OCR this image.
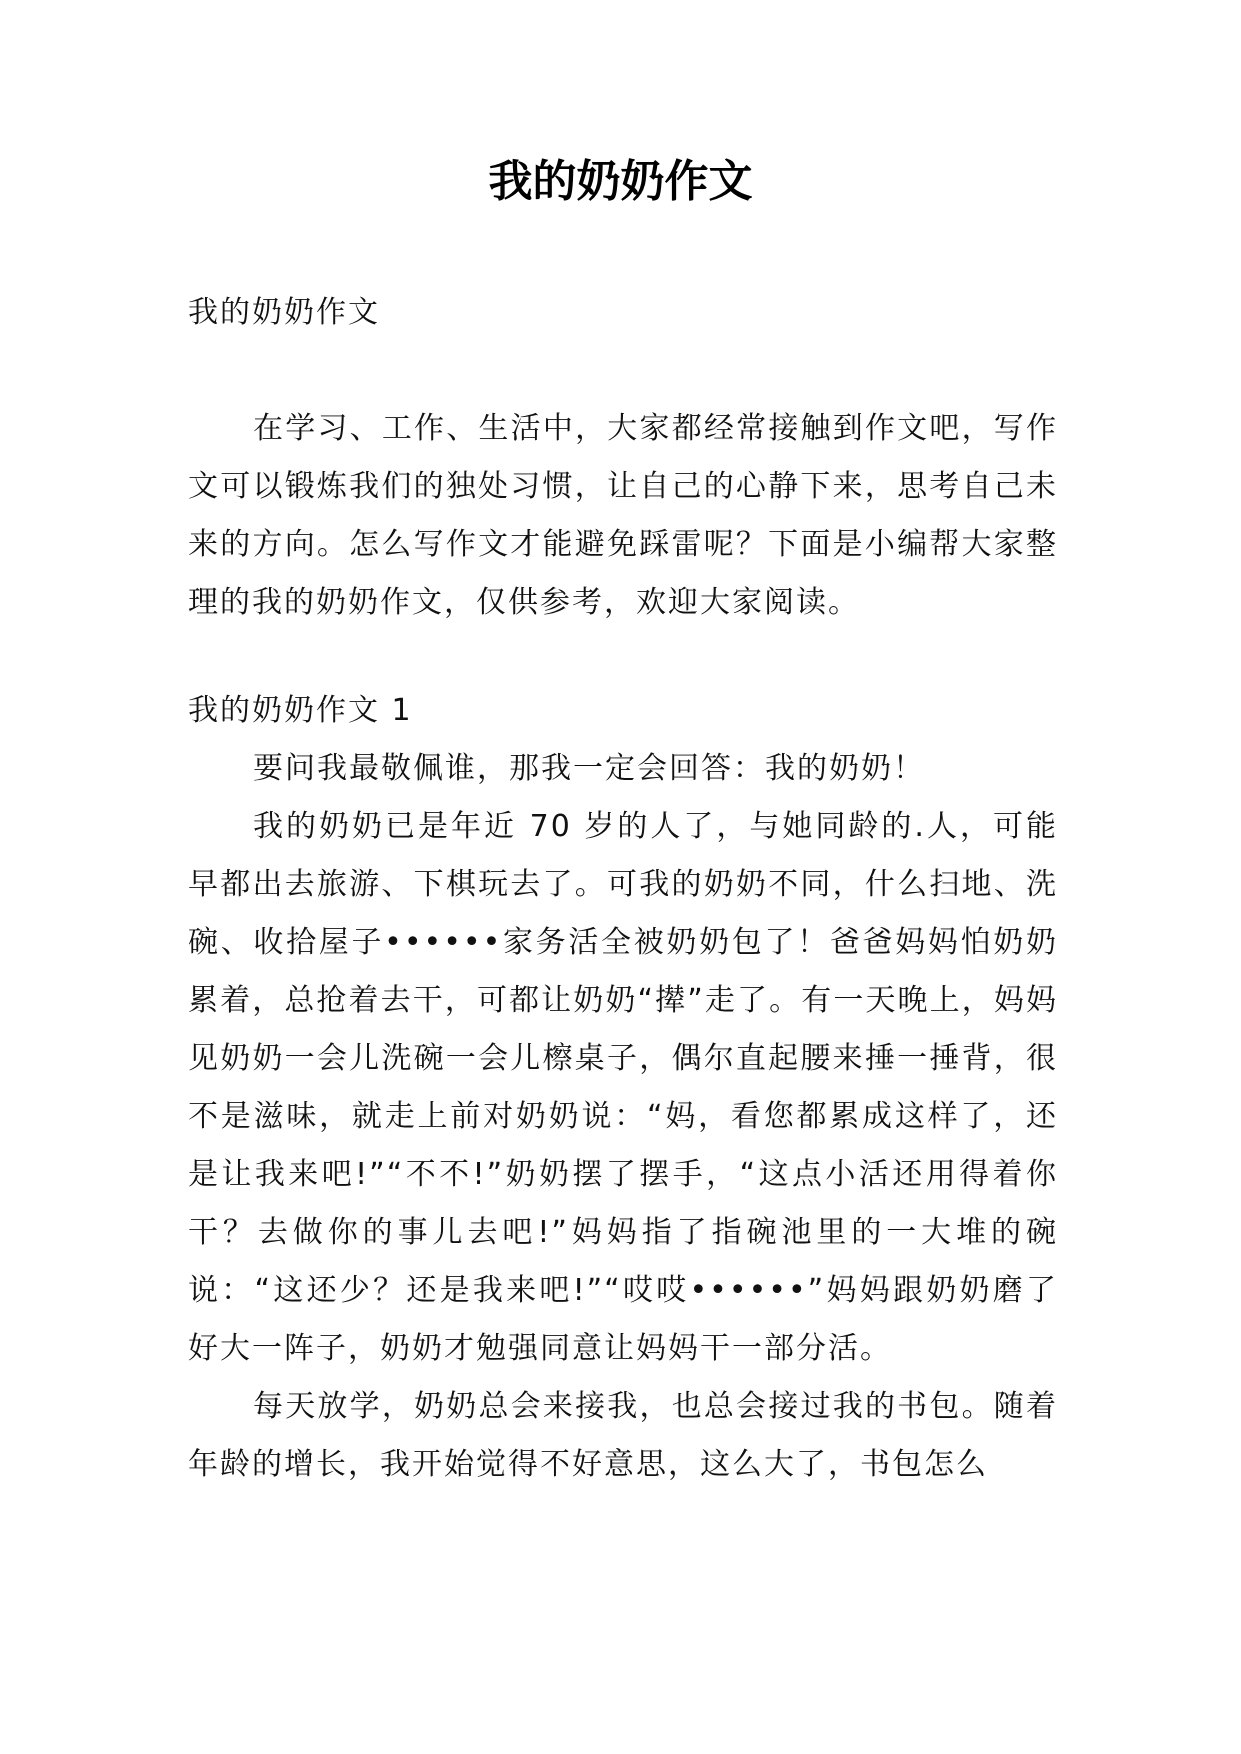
我的奶奶作文

我的奶奶作文

在学习、工作、生活中，大家都经常接触到作文吧，写作文可以锻炼我们的独处习惯，让自己的心静下来，思考自己未来的方向。怎么写作文才能避免踩雷呢？下面是小编帮大家整理的我的奶奶作文，仅供参考，欢迎大家阅读。

我的奶奶作文 1

要问我最敬佩谁，那我一定会回答：我的奶奶！

我的奶奶已是年近 70 岁的人了，与她同龄的.人，可能早都出去旅游、下棋玩去了。可我的奶奶不同，什么扫地、洗碗、收拾屋子••••••家务活全被奶奶包了！爸爸妈妈怕奶奶累着，总抢着去干，可都让奶奶“撵”走了。有一天晚上，妈妈见奶奶一会儿洗碗一会儿檫桌子，偶尔直起腰来捶一捶背，很不是滋味，就走上前对奶奶说：“妈，看您都累成这样了，还是让我来吧!”“不不!”奶奶摆了摆手，“这点小活还用得着你干？去做你的事儿去吧!”妈妈指了指碗池里的一大堆的碗说：“这还少？还是我来吧!”“哎哎••••••”妈妈跟奶奶磨了好大一阵子，奶奶才勉强同意让妈妈干一部分活。

每天放学，奶奶总会来接我，也总会接过我的书包。随着年龄的增长，我开始觉得不好意思，这么大了，书包怎么
